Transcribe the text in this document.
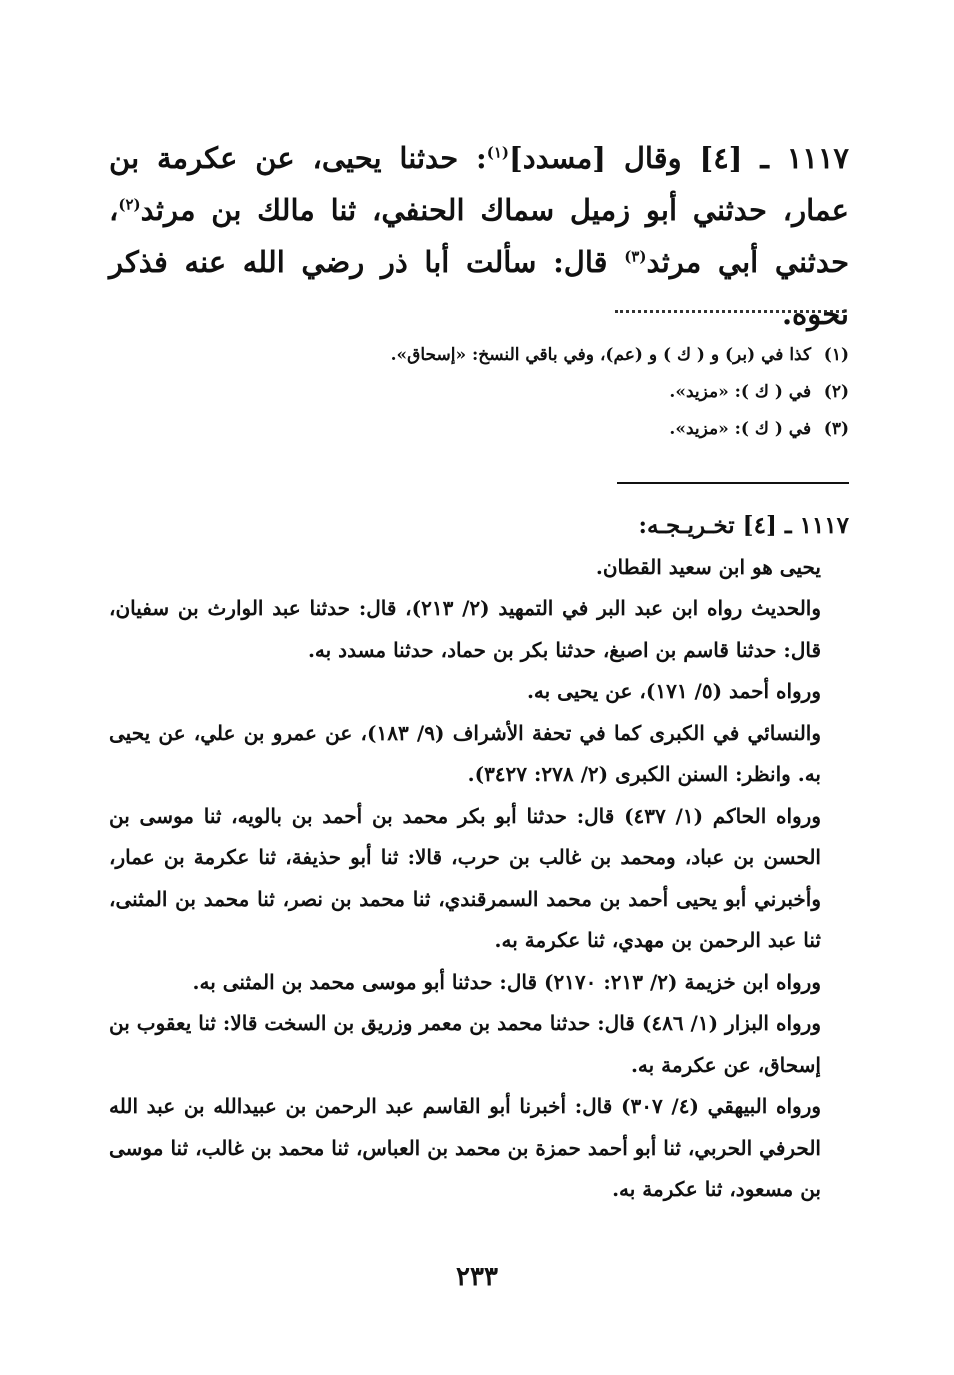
١١١٧ ـ [٤] وقال [مسدد]$^{(١)}$: حدثنا يحيى، عن عكرمة بن عمار، حدثني أبو زميل سماك الحنفي، ثنا مالك بن مرثد$^{(٢)}$، حدثني أبي مرثد$^{(٣)}$ قال: سألت أبا ذر رضي الله عنه فذكر نحوه.
(١) كذا في (بر) و ( ك ) و (عم)، وفي باقي النسخ: «إسحاق».
(٢) في ( ك ): «مزيد».
(٣) في ( ك ): «مزيد».
١١١٧ ـ [٤] تخـريـجـه:
يحيى هو ابن سعيد القطان.
والحديث رواه ابن عبد البر في التمهيد (٢/ ٢١٣)، قال: حدثنا عبد الوارث بن سفيان، قال: حدثنا قاسم بن اصبغ، حدثنا بكر بن حماد، حدثنا مسدد به.
ورواه أحمد (٥/ ١٧١)، عن يحيى به.
والنسائي في الكبرى كما في تحفة الأشراف (٩/ ١٨٣)، عن عمرو بن علي، عن يحيى به. وانظر: السنن الكبرى (٢/ ٢٧٨: ٣٤٢٧).
ورواه الحاكم (١/ ٤٣٧) قال: حدثنا أبو بكر محمد بن أحمد بن بالويه، ثنا موسى بن الحسن بن عباد، ومحمد بن غالب بن حرب، قالا: ثنا أبو حذيفة، ثنا عكرمة بن عمار، وأخبرني أبو يحيى أحمد بن محمد السمرقندي، ثنا محمد بن نصر، ثنا محمد بن المثنى، ثنا عبد الرحمن بن مهدي، ثنا عكرمة به.
ورواه ابن خزيمة (٢/ ٢١٣: ٢١٧٠) قال: حدثنا أبو موسى محمد بن المثنى به.
ورواه البزار (١/ ٤٨٦) قال: حدثنا محمد بن معمر وزريق بن السخت قالا: ثنا يعقوب بن إسحاق، عن عكرمة به.
ورواه البيهقي (٤/ ٣٠٧) قال: أخبرنا أبو القاسم عبد الرحمن بن عبيدالله بن عبد الله الحرفي الحربي، ثنا أبو أحمد حمزة بن محمد بن العباس، ثنا محمد بن غالب، ثنا موسى بن مسعود، ثنا عكرمة به.
٢٣٣
